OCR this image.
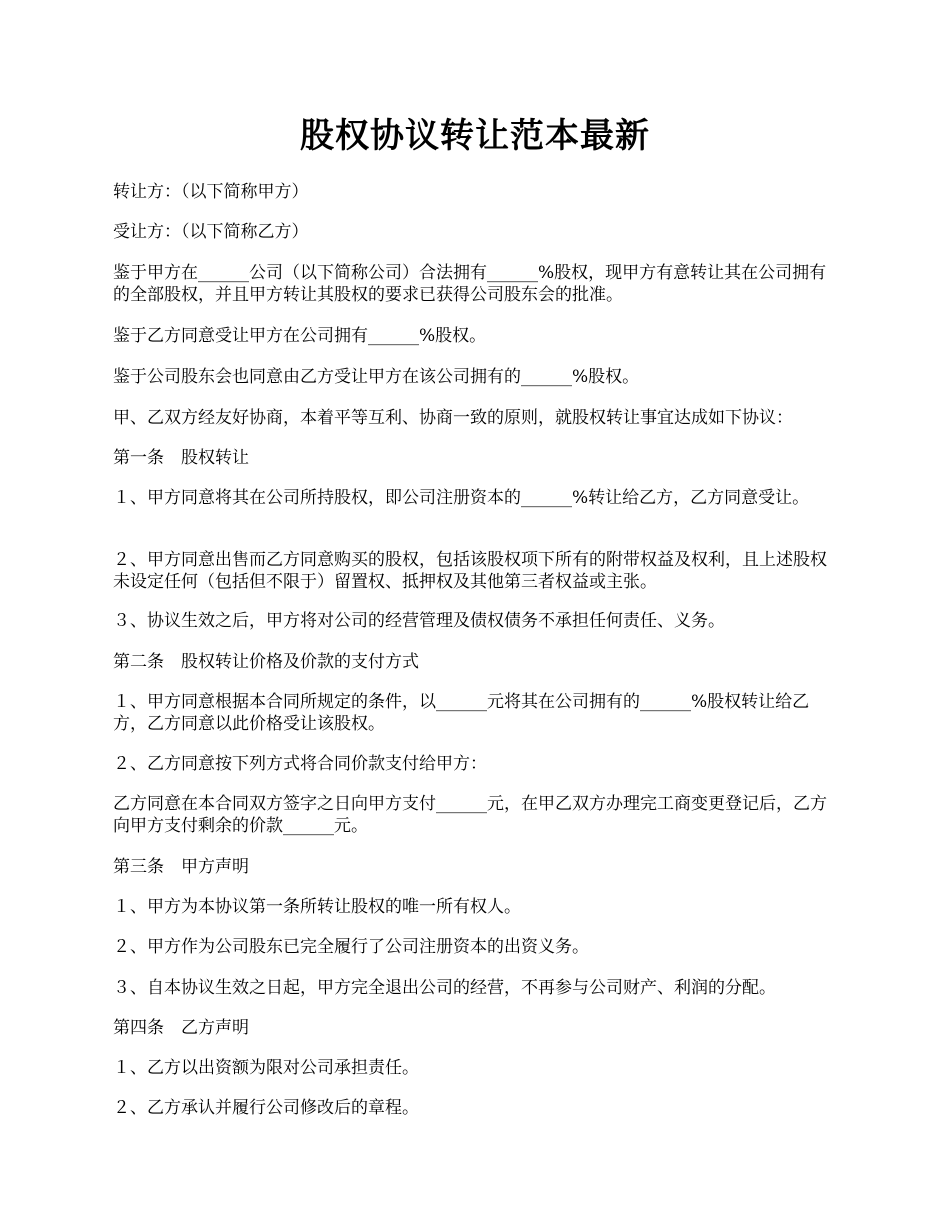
股权协议转让范本最新
转让方：（以下简称甲方）
受让方：（以下简称乙方）
鉴于甲方在______公司（以下简称公司）合法拥有______%股权，现甲方有意转让其在公司拥有的全部股权，并且甲方转让其股权的要求已获得公司股东会的批准。
鉴于乙方同意受让甲方在公司拥有______%股权。
鉴于公司股东会也同意由乙方受让甲方在该公司拥有的______%股权。
甲、乙双方经友好协商，本着平等互利、协商一致的原则，就股权转让事宜达成如下协议：
第一条　股权转让
１、甲方同意将其在公司所持股权，即公司注册资本的______%转让给乙方，乙方同意受让。
２、甲方同意出售而乙方同意购买的股权，包括该股权项下所有的附带权益及权利，且上述股权未设定任何（包括但不限于）留置权、抵押权及其他第三者权益或主张。
３、协议生效之后，甲方将对公司的经营管理及债权债务不承担任何责任、义务。
第二条　股权转让价格及价款的支付方式
１、甲方同意根据本合同所规定的条件，以______元将其在公司拥有的______%股权转让给乙方，乙方同意以此价格受让该股权。
２、乙方同意按下列方式将合同价款支付给甲方：
乙方同意在本合同双方签字之日向甲方支付______元，在甲乙双方办理完工商变更登记后，乙方向甲方支付剩余的价款______元。
第三条　甲方声明
１、甲方为本协议第一条所转让股权的唯一所有权人。
２、甲方作为公司股东已完全履行了公司注册资本的出资义务。
３、自本协议生效之日起，甲方完全退出公司的经营，不再参与公司财产、利润的分配。
第四条　乙方声明
１、乙方以出资额为限对公司承担责任。
２、乙方承认并履行公司修改后的章程。
